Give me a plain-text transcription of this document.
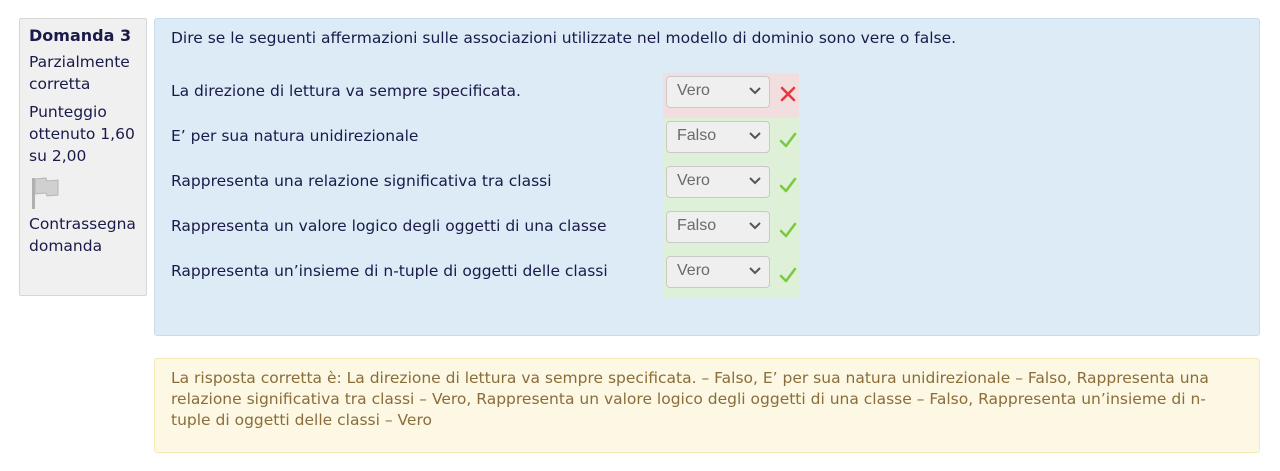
Domanda 3
Parzialmente corretta
Punteggio ottenuto 1,60 su 2,00
Contrassegna domanda
Dire se le seguenti affermazioni sulle associazioni utilizzate nel modello di dominio sono vere o false.
La direzione di lettura va sempre specificata.	Vero
E’ per sua natura unidirezionale	Falso
Rappresenta una relazione significativa tra classi	Vero
Rappresenta un valore logico degli oggetti di una classe	Falso
Rappresenta un’insieme di n-tuple di oggetti delle classi	Vero
La risposta corretta è: La direzione di lettura va sempre specificata. – Falso, E’ per sua natura unidirezionale – Falso, Rappresenta una relazione significativa tra classi – Vero, Rappresenta un valore logico degli oggetti di una classe – Falso, Rappresenta un’insieme di n-tuple di oggetti delle classi – Vero
